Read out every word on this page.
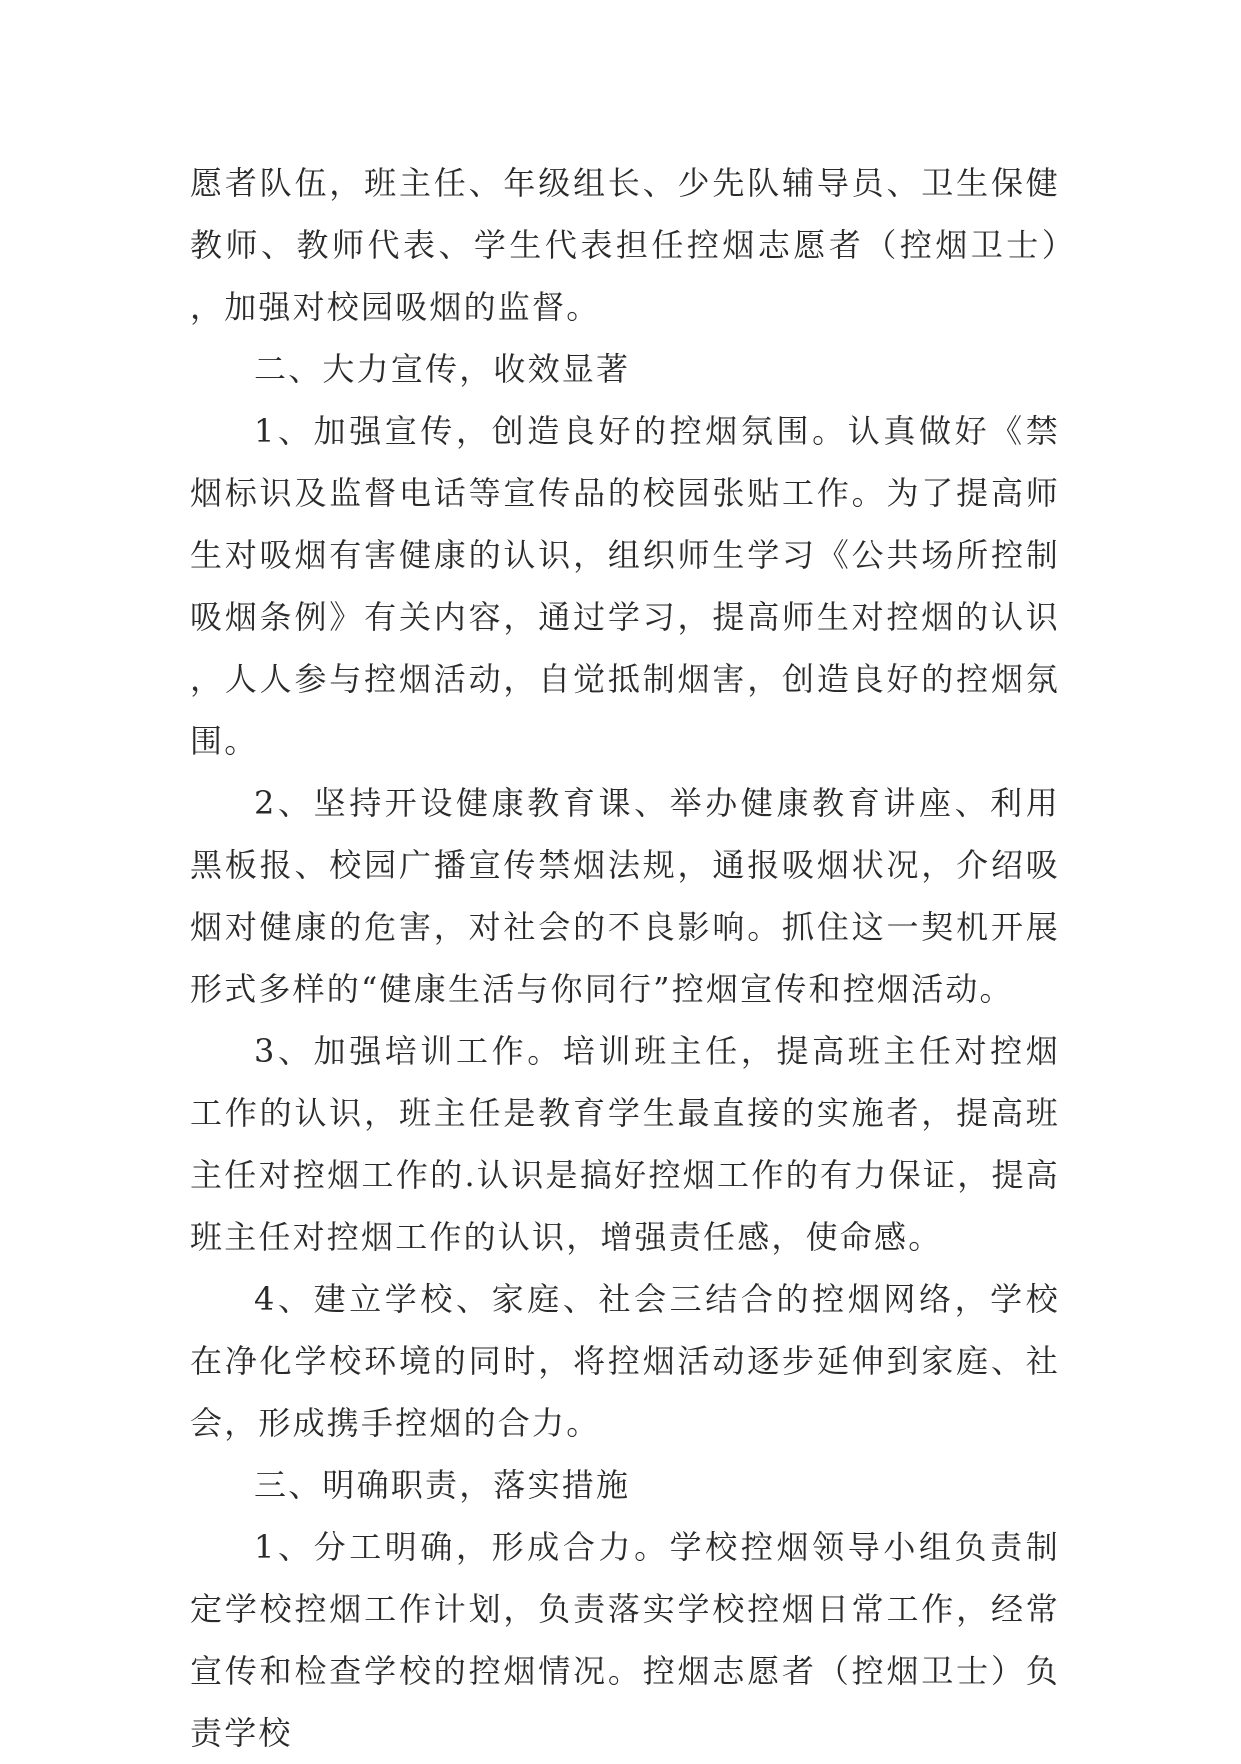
愿者队伍，班主任、年级组长、少先队辅导员、卫生保健教师、教师代表、学生代表担任控烟志愿者（控烟卫士），加强对校园吸烟的监督。

二、大力宣传，收效显著

1、加强宣传，创造良好的控烟氛围。认真做好《禁烟标识及监督电话等宣传品的校园张贴工作。为了提高师生对吸烟有害健康的认识，组织师生学习《公共场所控制吸烟条例》有关内容，通过学习，提高师生对控烟的认识，人人参与控烟活动，自觉抵制烟害，创造良好的控烟氛围。

2、坚持开设健康教育课、举办健康教育讲座、利用黑板报、校园广播宣传禁烟法规，通报吸烟状况，介绍吸烟对健康的危害，对社会的不良影响。抓住这一契机开展形式多样的“健康生活与你同行”控烟宣传和控烟活动。

3、加强培训工作。培训班主任，提高班主任对控烟工作的认识，班主任是教育学生最直接的实施者，提高班主任对控烟工作的.认识是搞好控烟工作的有力保证，提高班主任对控烟工作的认识，增强责任感，使命感。

4、建立学校、家庭、社会三结合的控烟网络，学校在净化学校环境的同时，将控烟活动逐步延伸到家庭、社会，形成携手控烟的合力。

三、明确职责，落实措施

1、分工明确，形成合力。学校控烟领导小组负责制定学校控烟工作计划，负责落实学校控烟日常工作，经常宣传和检查学校的控烟情况。控烟志愿者（控烟卫士）负责学校
